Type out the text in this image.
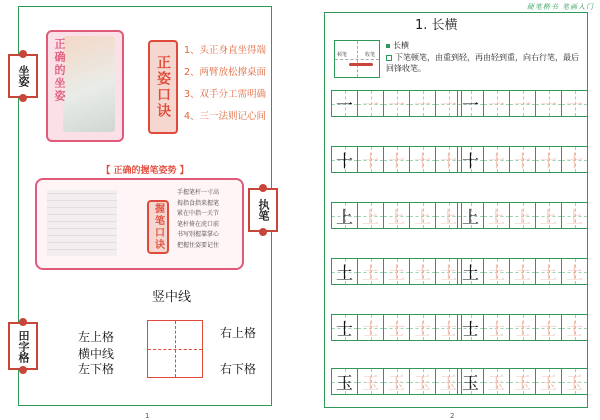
坐姿	正确的坐姿	正姿口诀
1、头正身直坐得端
2、两臂放松撑桌面
3、双手分工需明确
4、三一法则记心间
【 正确的握笔姿势 】
握笔口诀
手握笔杆一寸高
拇指食指来握笔
紧在中指一关节
笔杆倚在虎口前
书写别握靠掌心
把握住姿要记住
执笔
竖中线
左上格	右上格
横中线
左下格	右下格
田字格
1
硬笔楷书 笔画入门
1. 长横
顿笔	收笔
长横
下笔顿笔，由重到轻，再由轻到重，向右行笔，最后回锋收笔。
一 一 一 一 一 一 一 一 一 一
十 十 十 十 十 十 十 十 十 十
上 上 上 上 上 上 上 上 上 上
土 土 土 土 土 土 土 土 土 土
士 士 士 士 士 士 士 士 士 士
玉 玉 玉 玉 玉 玉 玉 玉 玉 玉
2
